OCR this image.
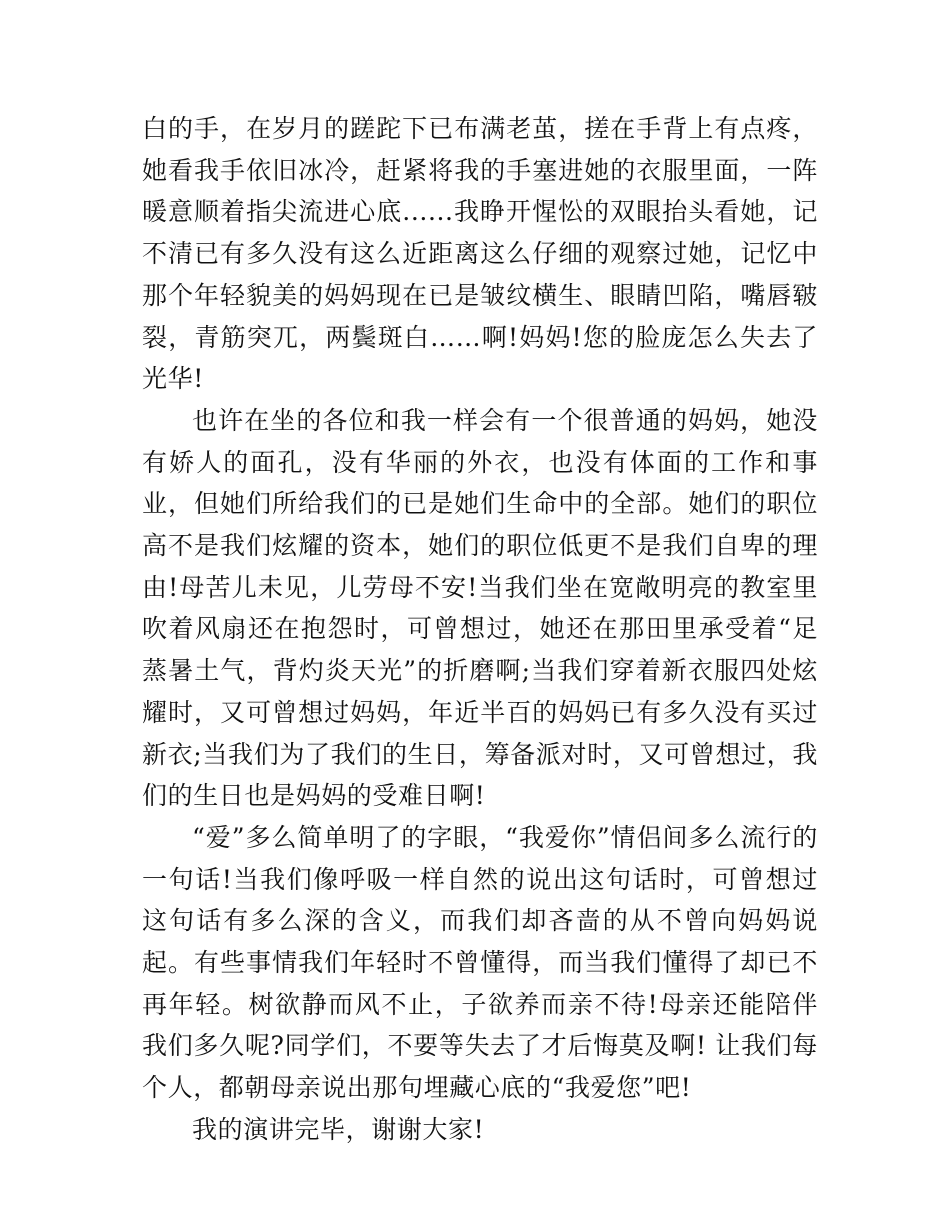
白的手，在岁月的蹉跎下已布满老茧，搓在手背上有点疼，她看我手依旧冰冷，赶紧将我的手塞进她的衣服里面，一阵暖意顺着指尖流进心底......我睁开惺忪的双眼抬头看她，记不清已有多久没有这么近距离这么仔细的观察过她，记忆中那个年轻貌美的妈妈现在已是皱纹横生、眼睛凹陷，嘴唇皲裂，青筋突兀，两鬓斑白……啊!妈妈!您的脸庞怎么失去了光华!

也许在坐的各位和我一样会有一个很普通的妈妈，她没有娇人的面孔，没有华丽的外衣，也没有体面的工作和事业，但她们所给我们的已是她们生命中的全部。她们的职位高不是我们炫耀的资本，她们的职位低更不是我们自卑的理由!母苦儿未见，儿劳母不安!当我们坐在宽敞明亮的教室里吹着风扇还在抱怨时，可曾想过，她还在那田里承受着“足蒸暑土气，背灼炎天光”的折磨啊;当我们穿着新衣服四处炫耀时，又可曾想过妈妈，年近半百的妈妈已有多久没有买过新衣;当我们为了我们的生日，筹备派对时，又可曾想过，我们的生日也是妈妈的受难日啊!

“爱”多么简单明了的字眼，“我爱你”情侣间多么流行的一句话!当我们像呼吸一样自然的说出这句话时，可曾想过这句话有多么深的含义，而我们却吝啬的从不曾向妈妈说起。有些事情我们年轻时不曾懂得，而当我们懂得了却已不再年轻。树欲静而风不止，子欲养而亲不待!母亲还能陪伴我们多久呢?同学们，不要等失去了才后悔莫及啊! 让我们每个人，都朝母亲说出那句埋藏心底的“我爱您”吧!

我的演讲完毕，谢谢大家!
